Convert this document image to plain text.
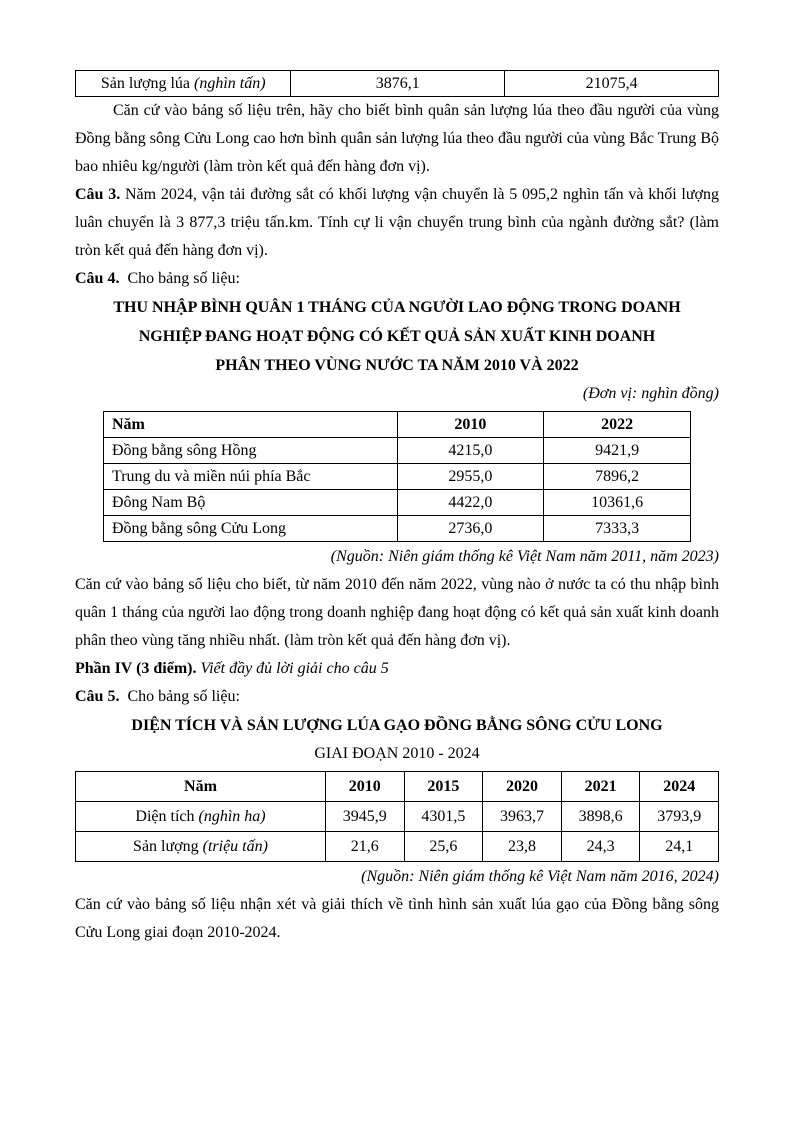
Sản lượng lúa (nghìn tấn)	3876,1	21075,4

Căn cứ vào bảng số liệu trên, hãy cho biết bình quân sản lượng lúa theo đầu người của vùng Đồng bằng sông Cửu Long cao hơn bình quân sản lượng lúa theo đầu người của vùng Bắc Trung Bộ bao nhiêu kg/người (làm tròn kết quả đến hàng đơn vị).

Câu 3. Năm 2024, vận tải đường sắt có khối lượng vận chuyển là 5 095,2 nghìn tấn và khối lượng luân chuyển là 3 877,3 triệu tấn.km. Tính cự li vận chuyển trung bình của ngành đường sắt? (làm tròn kết quả đến hàng đơn vị).

Câu 4. Cho bảng số liệu:

THU NHẬP BÌNH QUÂN 1 THÁNG CỦA NGƯỜI LAO ĐỘNG TRONG DOANH
NGHIỆP ĐANG HOẠT ĐỘNG CÓ KẾT QUẢ SẢN XUẤT KINH DOANH
PHÂN THEO VÙNG NƯỚC TA NĂM 2010 VÀ 2022
(Đơn vị: nghìn đồng)
Năm	2010	2022
Đồng bằng sông Hồng	4215,0	9421,9
Trung du và miền núi phía Bắc	2955,0	7896,2
Đông Nam Bộ	4422,0	10361,6
Đồng bằng sông Cửu Long	2736,0	7333,3
(Nguồn: Niên giám thống kê Việt Nam năm 2011, năm 2023)

Căn cứ vào bảng số liệu cho biết, từ năm 2010 đến năm 2022, vùng nào ở nước ta có thu nhập bình quân 1 tháng của người lao động trong doanh nghiệp đang hoạt động có kết quả sản xuất kinh doanh phân theo vùng tăng nhiều nhất. (làm tròn kết quả đến hàng đơn vị).

Phần IV (3 điểm). Viết đầy đủ lời giải cho câu 5

Câu 5. Cho bảng số liệu:

DIỆN TÍCH VÀ SẢN LƯỢNG LÚA GẠO ĐỒNG BẰNG SÔNG CỬU LONG
GIAI ĐOẠN 2010 - 2024
Năm	2010	2015	2020	2021	2024
Diện tích (nghìn ha)	3945,9	4301,5	3963,7	3898,6	3793,9
Sản lượng (triệu tấn)	21,6	25,6	23,8	24,3	24,1
(Nguồn: Niên giám thống kê Việt Nam năm 2016, 2024)

Căn cứ vào bảng số liệu nhận xét và giải thích về tình hình sản xuất lúa gạo của Đồng bằng sông Cửu Long giai đoạn 2010-2024.
